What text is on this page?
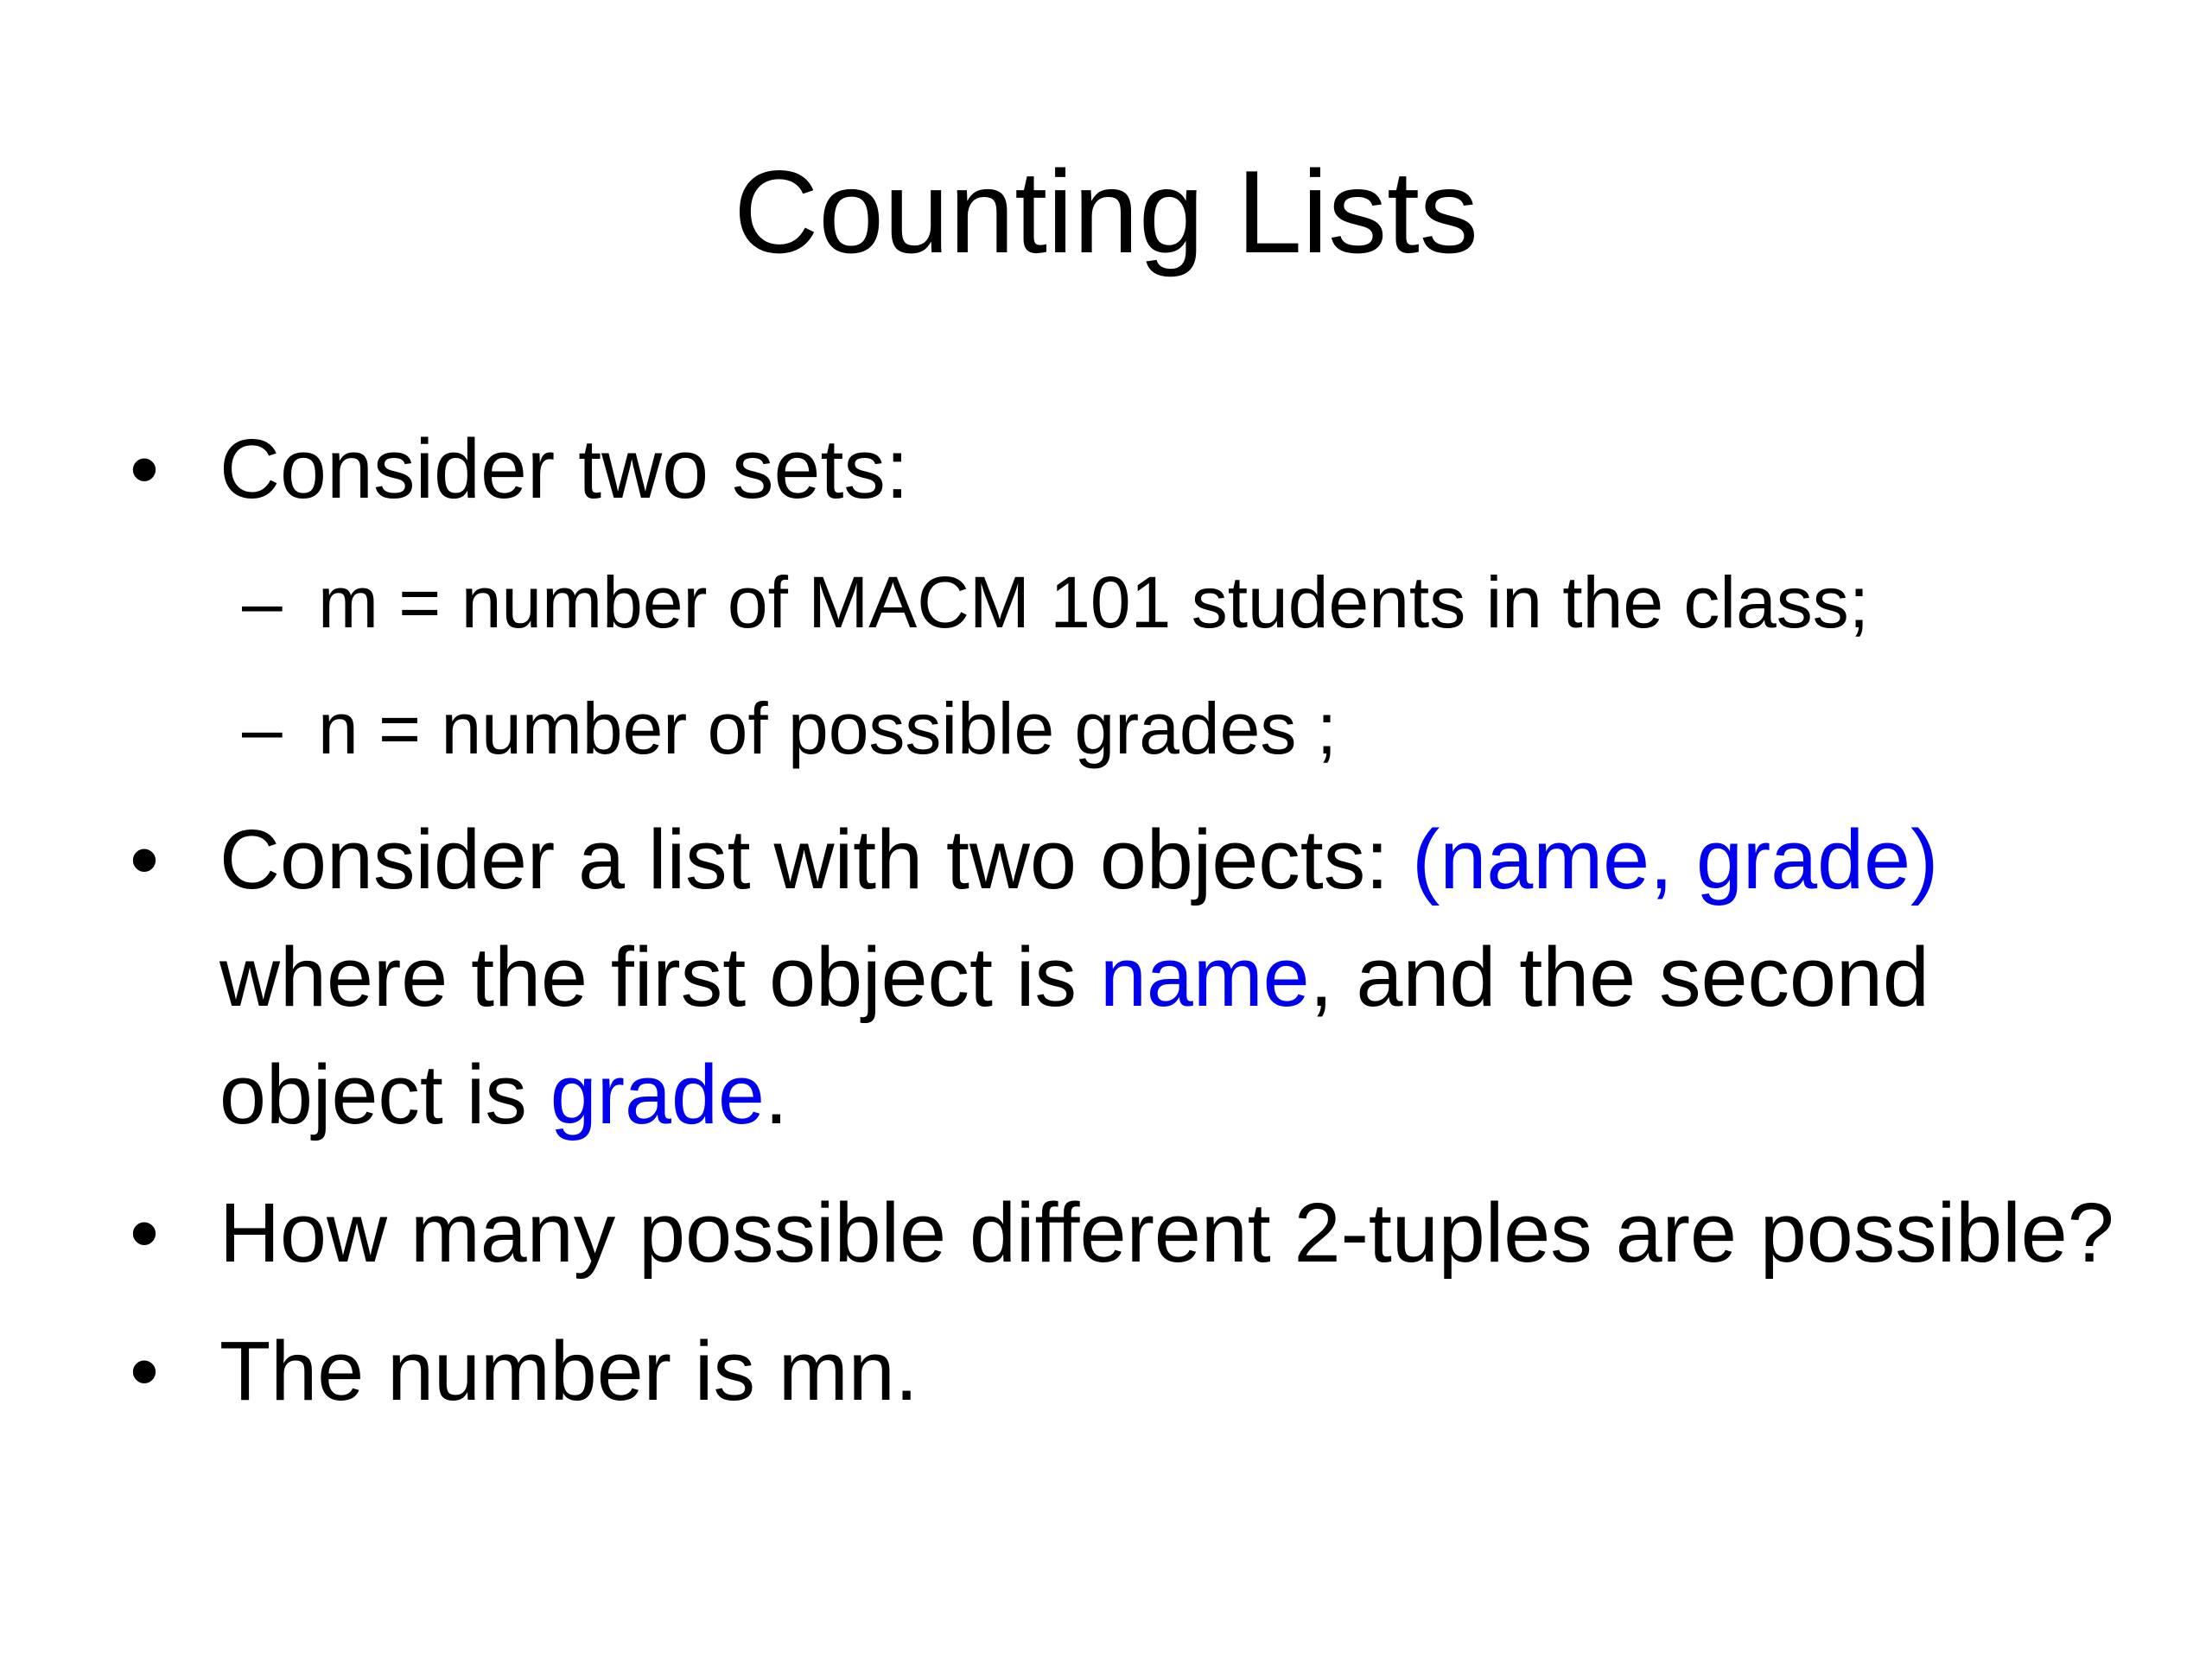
Counting Lists
• Consider two sets:
– m = number of MACM 101 students in the class;
– n = number of possible grades ;
• Consider a list with two objects: (name, grade) where the first object is name, and the second object is grade.
• How many possible different 2-tuples are possible?
• The number is mn.
